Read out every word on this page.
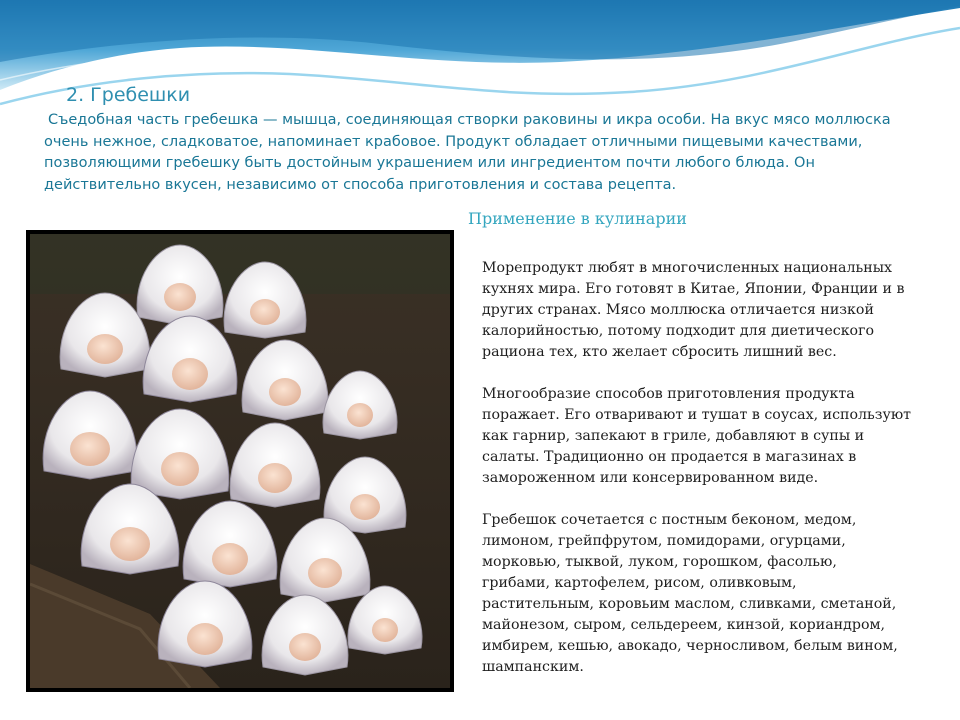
2. Гребешки
Съедобная часть гребешка — мышца, соединяющая створки раковины и икра особи. На вкус мясо моллюска
очень нежное, сладковатое, напоминает крабовое. Продукт обладает отличными пищевыми качествами,
позволяющими гребешку быть достойным украшением или ингредиентом почти любого блюда. Он
действительно вкусен, независимо от способа приготовления и состава рецепта.
Применение в кулинарии

Морепродукт любят в многочисленных национальных
кухнях мира. Его готовят в Китае, Японии, Франции и в
других странах. Мясо моллюска отличается низкой
калорийностью, потому подходит для диетического
рациона тех, кто желает сбросить лишний вес.

Многообразие способов приготовления продукта
поражает. Его отваривают и тушат в соусах, используют
как гарнир, запекают в гриле, добавляют в супы и
салаты. Традиционно он продается в магазинах в
замороженном или консервированном виде.

Гребешок сочетается с постным беконом, медом,
лимоном, грейпфрутом, помидорами, огурцами,
морковью, тыквой, луком, горошком, фасолью,
грибами, картофелем, рисом, оливковым,
растительным, коровьим маслом, сливками, сметаной,
майонезом, сыром, сельдереем, кинзой, кориандром,
имбирем, кешью, авокадо, черносливом, белым вином,
шампанским.
